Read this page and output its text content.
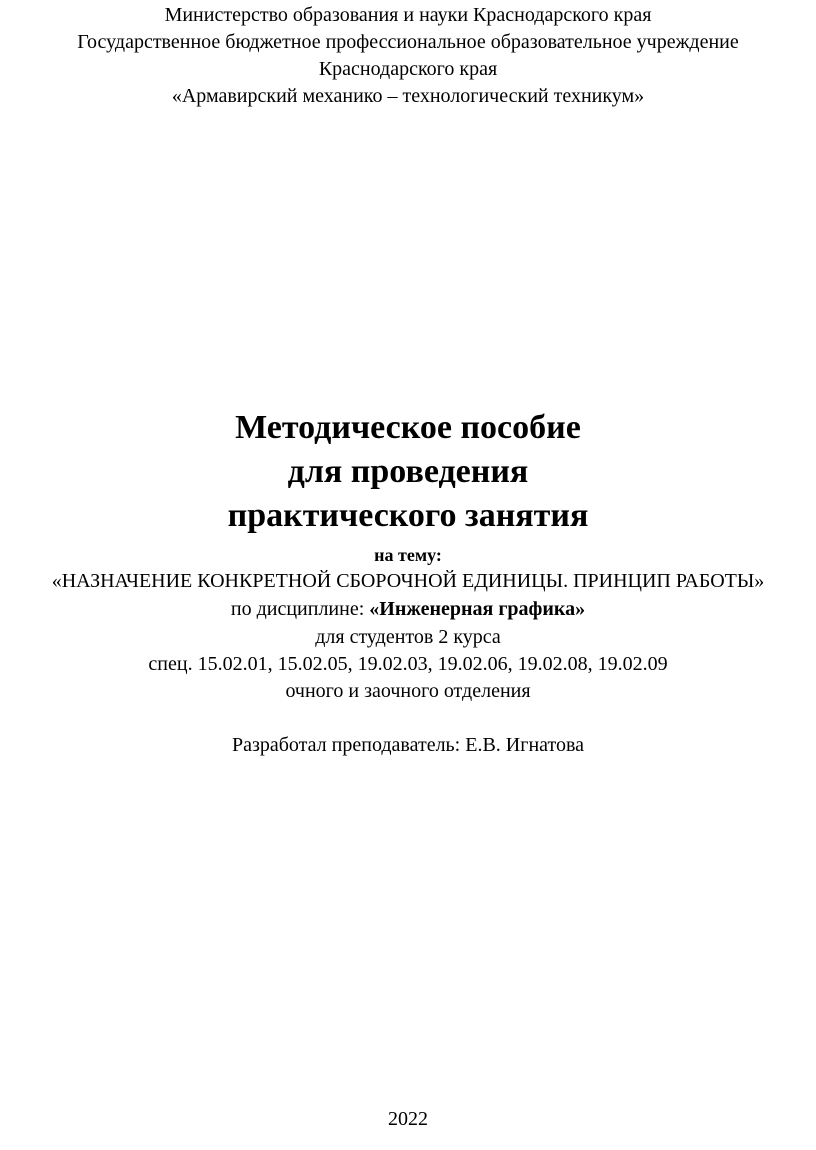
Министерство образования и науки Краснодарского края
Государственное бюджетное профессиональное образовательное учреждение
Краснодарского края
«Армавирский механико – технологический техникум»
Методическое пособие
для проведения
практического занятия
на тему:
«НАЗНАЧЕНИЕ КОНКРЕТНОЙ СБОРОЧНОЙ ЕДИНИЦЫ. ПРИНЦИП РАБОТЫ»
по дисциплине: «Инженерная графика»
для студентов 2 курса
спец. 15.02.01, 15.02.05, 19.02.03, 19.02.06, 19.02.08, 19.02.09
очного и заочного отделения
Разработал преподаватель: Е.В. Игнатова
2022
